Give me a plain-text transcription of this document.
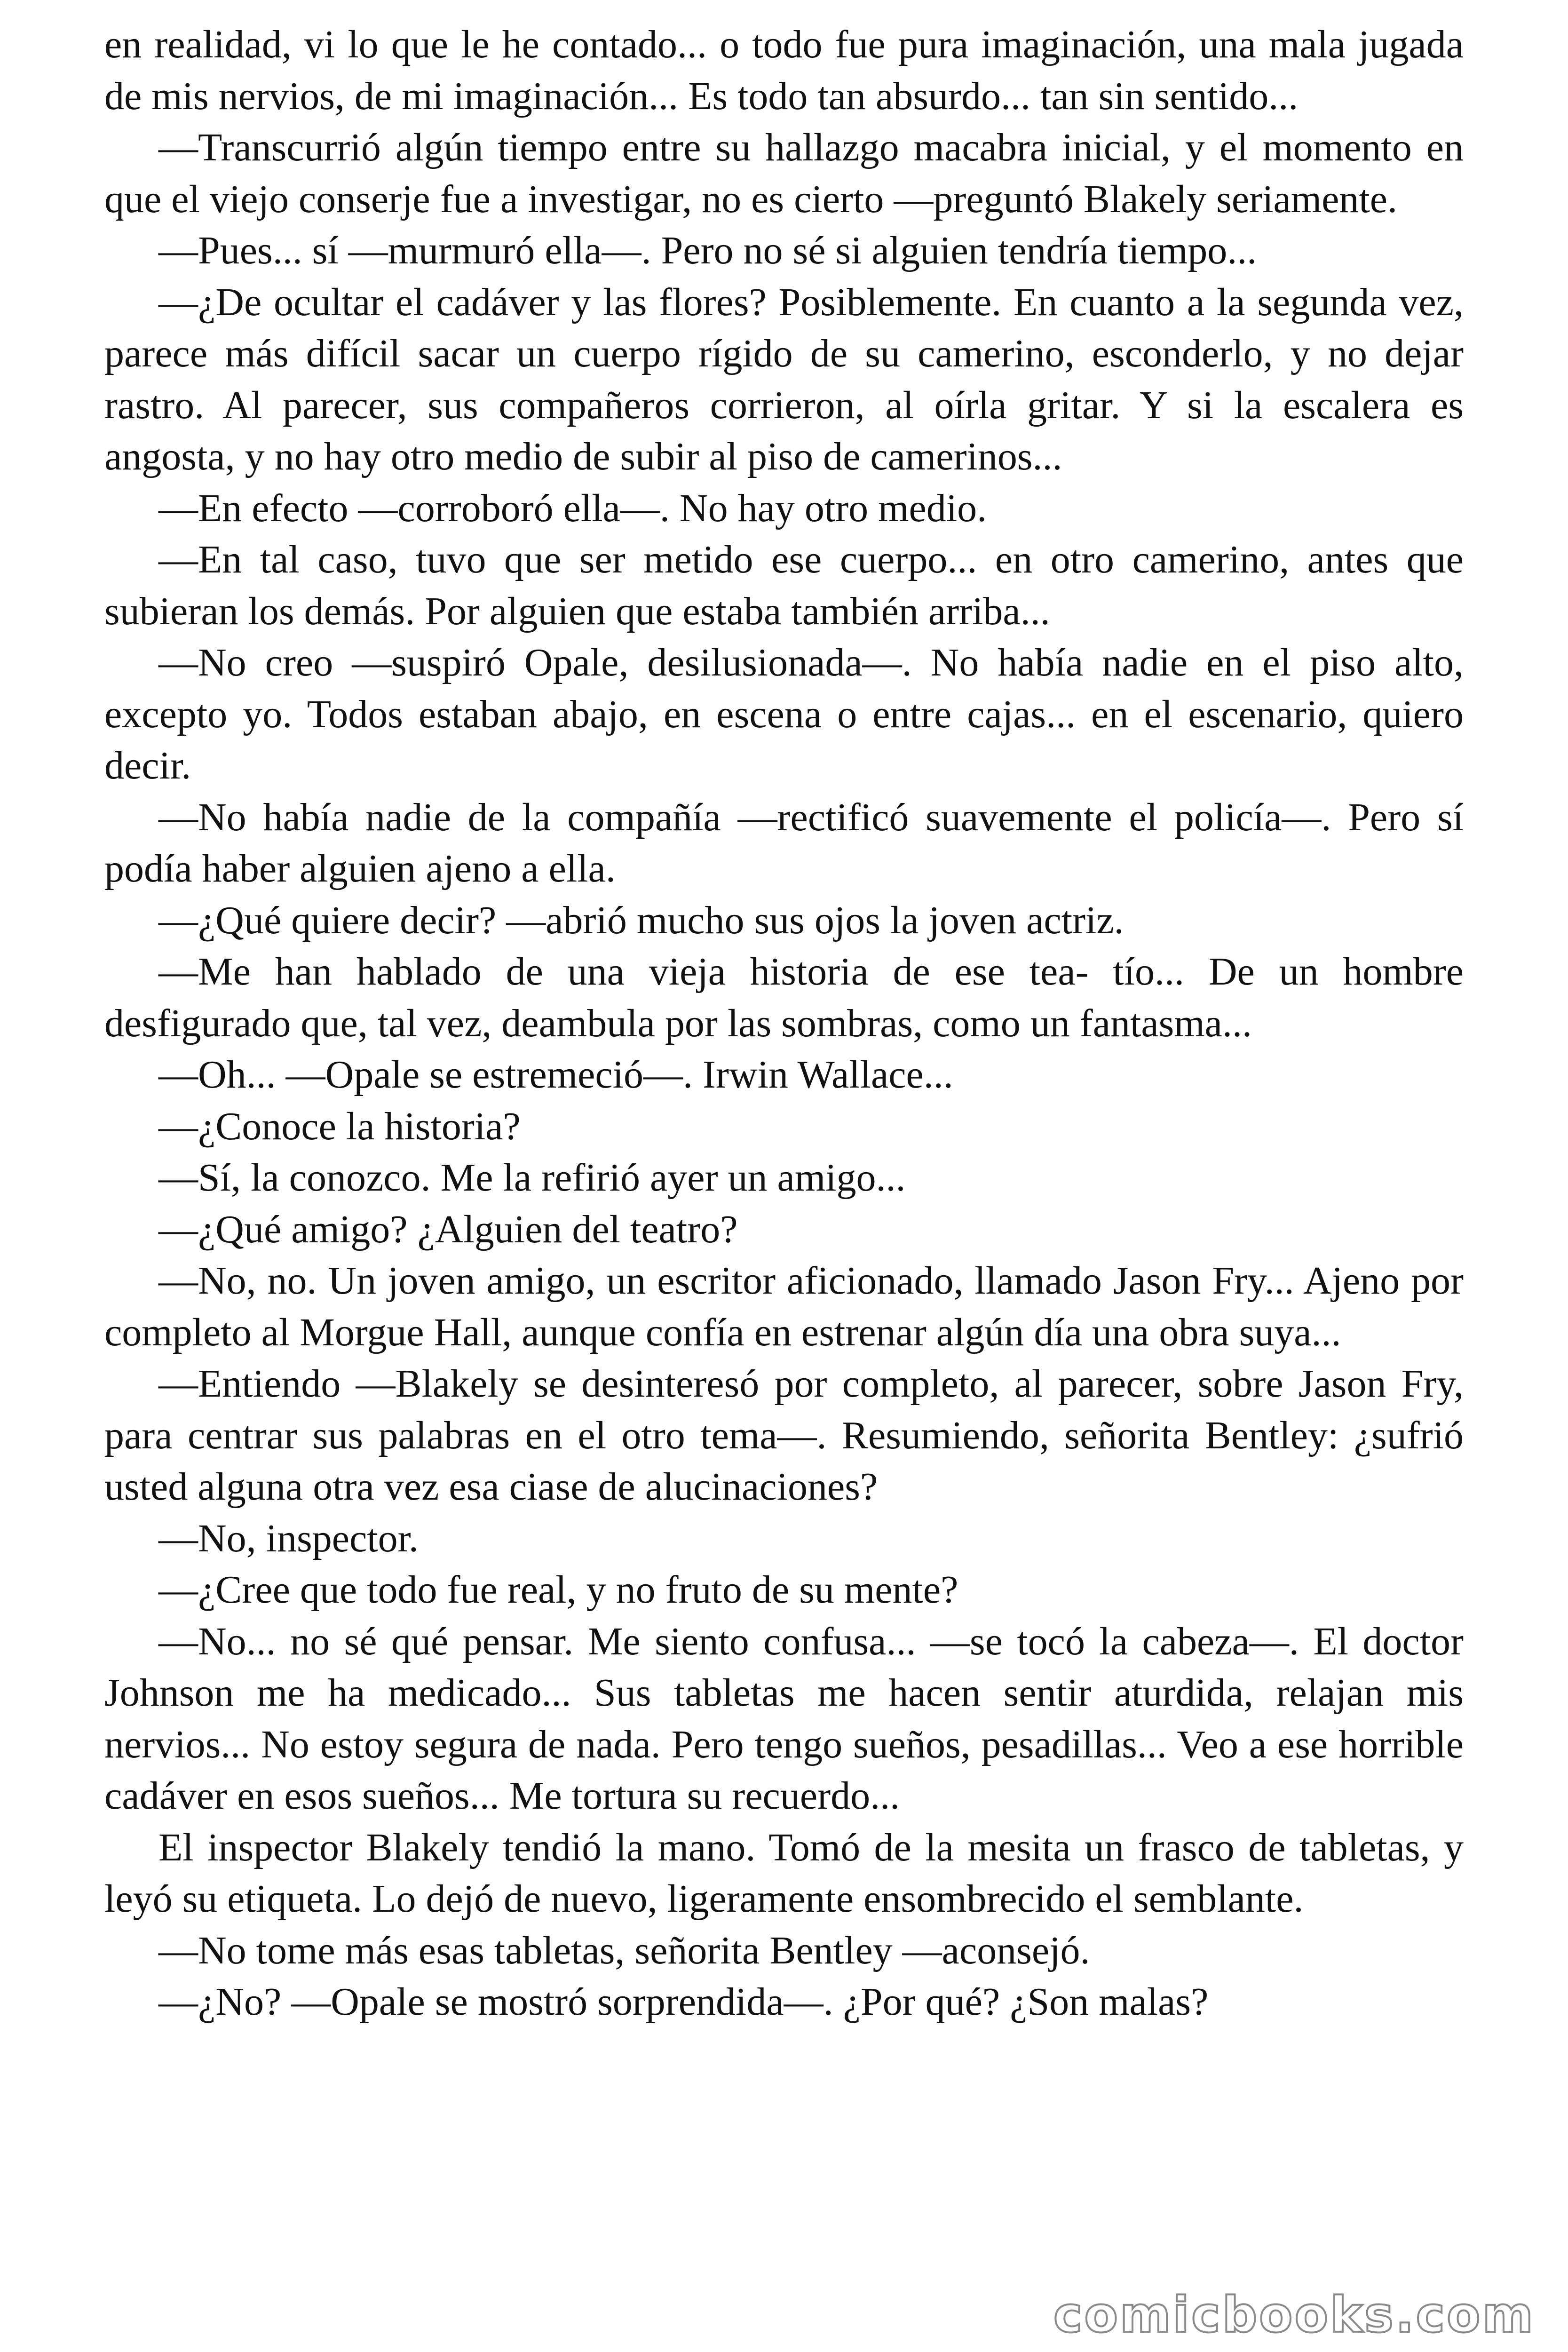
en realidad, vi lo que le he contado... o todo fue pura imaginación, una mala jugada de mis nervios, de mi imaginación... Es todo tan absurdo... tan sin sentido...

—Transcurrió algún tiempo entre su hallazgo macabra inicial, y el momento en que el viejo conserje fue a investigar, no es cierto —preguntó Blakely seriamente.

—Pues... sí —murmuró ella—. Pero no sé si alguien tendría tiempo...

—¿De ocultar el cadáver y las flores? Posiblemente. En cuanto a la segunda vez, parece más difícil sacar un cuerpo rígido de su camerino, esconderlo, y no dejar rastro. Al parecer, sus compañeros corrieron, al oírla gritar. Y si la escalera es angosta, y no hay otro medio de subir al piso de camerinos...

—En efecto —corroboró ella—. No hay otro medio.

—En tal caso, tuvo que ser metido ese cuerpo... en otro camerino, antes que subieran los demás. Por alguien que estaba también arriba...

—No creo —suspiró Opale, desilusionada—. No había nadie en el piso alto, excepto yo. Todos estaban abajo, en escena o entre cajas... en el escenario, quiero decir.

—No había nadie de la compañía —rectificó suavemente el policía—. Pero sí podía haber alguien ajeno a ella.

—¿Qué quiere decir? —abrió mucho sus ojos la joven actriz.

—Me han hablado de una vieja historia de ese tea- tío... De un hombre desfigurado que, tal vez, deambula por las sombras, como un fantasma...

—Oh... —Opale se estremeció—. Irwin Wallace...

—¿Conoce la historia?

—Sí, la conozco. Me la refirió ayer un amigo...

—¿Qué amigo? ¿Alguien del teatro?

—No, no. Un joven amigo, un escritor aficionado, llamado Jason Fry... Ajeno por completo al Morgue Hall, aunque confía en estrenar algún día una obra suya...

—Entiendo —Blakely se desinteresó por completo, al parecer, sobre Jason Fry, para centrar sus palabras en el otro tema—. Resumiendo, señorita Bentley: ¿sufrió usted alguna otra vez esa ciase de alucinaciones?

—No, inspector.

—¿Cree que todo fue real, y no fruto de su mente?

—No... no sé qué pensar. Me siento confusa... —se tocó la cabeza—. El doctor Johnson me ha medicado... Sus tabletas me hacen sentir aturdida, relajan mis nervios... No estoy segura de nada. Pero tengo sueños, pesadillas... Veo a ese horrible cadáver en esos sueños... Me tortura su recuerdo...

El inspector Blakely tendió la mano. Tomó de la mesita un frasco de tabletas, y leyó su etiqueta. Lo dejó de nuevo, ligeramente ensombrecido el semblante.

—No tome más esas tabletas, señorita Bentley —aconsejó.

—¿No? —Opale se mostró sorprendida—. ¿Por qué? ¿Son malas?

comicbooks.com
